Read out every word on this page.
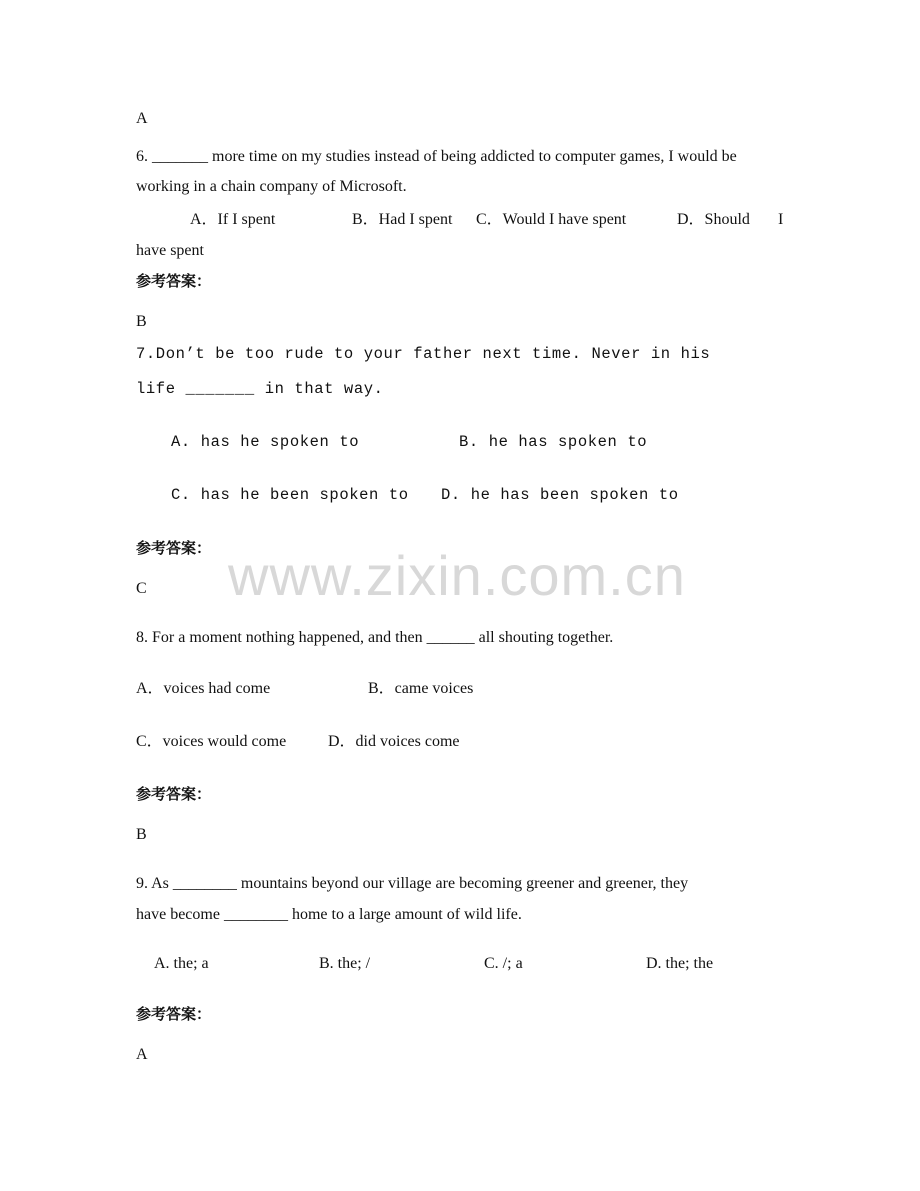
www.zixin.com.cn
A
6. _______ more time on my studies instead of being addicted to computer games, I would be
working in a chain company of Microsoft.
A．If I spent	B．Had I spent C．Would I have spent	D．Should I
have spent
参考答案：
B
7.Don’t be too rude to your father next time. Never in his
life _______ in that way.
A. has he spoken to	B. he has spoken to
C. has he been spoken to D. he has been spoken to
参考答案：
C
8. For a moment nothing happened, and then ______ all shouting together.
A．voices had come	B．came voices
C．voices would come	D．did voices come
参考答案：
B
9. As ________ mountains beyond our village are becoming greener and greener, they
have become ________ home to a large amount of wild life.
A. the; a	B. the; /	C. /; a	D. the; the
参考答案：
A
